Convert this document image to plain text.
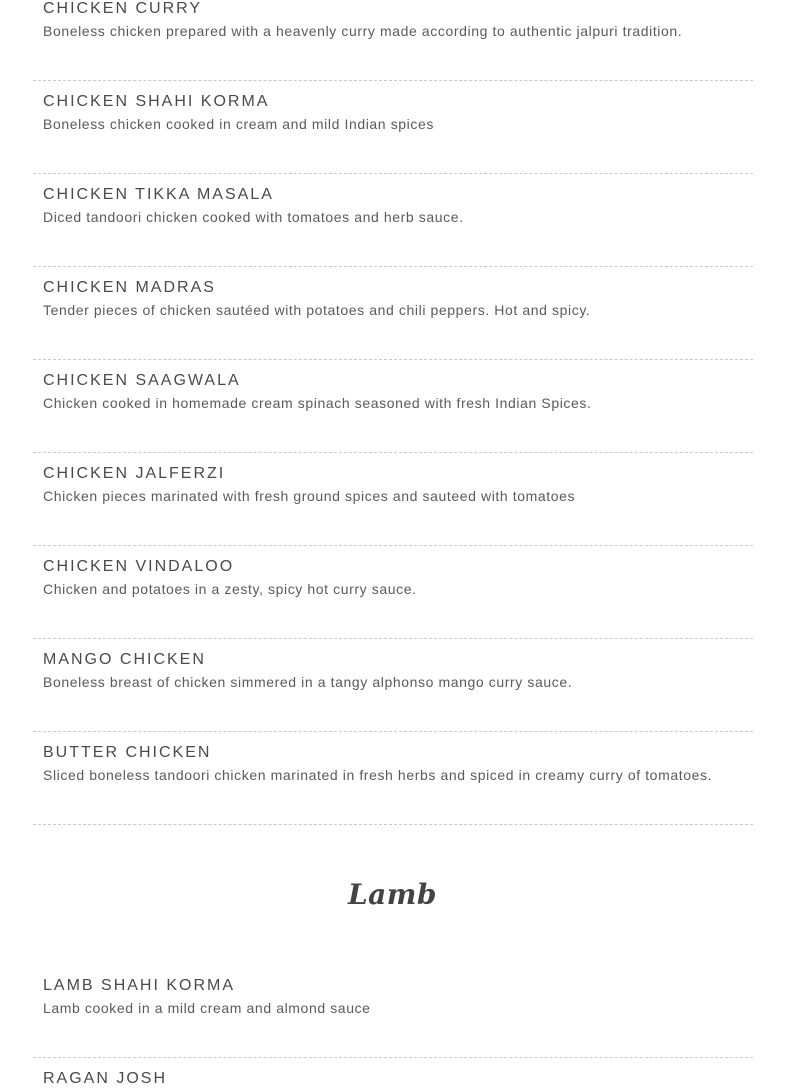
CHICKEN CURRY
Boneless chicken prepared with a heavenly curry made according to authentic jalpuri tradition.
CHICKEN SHAHI KORMA
Boneless chicken cooked in cream and mild Indian spices
CHICKEN TIKKA MASALA
Diced tandoori chicken cooked with tomatoes and herb sauce.
CHICKEN MADRAS
Tender pieces of chicken sautéed with potatoes and chili peppers. Hot and spicy.
CHICKEN SAAGWALA
Chicken cooked in homemade cream spinach seasoned with fresh Indian Spices.
CHICKEN JALFERZI
Chicken pieces marinated with fresh ground spices and sauteed with tomatoes
CHICKEN VINDALOO
Chicken and potatoes in a zesty, spicy hot curry sauce.
MANGO CHICKEN
Boneless breast of chicken simmered in a tangy alphonso mango curry sauce.
BUTTER CHICKEN
Sliced boneless tandoori chicken marinated in fresh herbs and spiced in creamy curry of tomatoes.
Lamb
LAMB SHAHI KORMA
Lamb cooked in a mild cream and almond sauce
RAGAN JOSH
